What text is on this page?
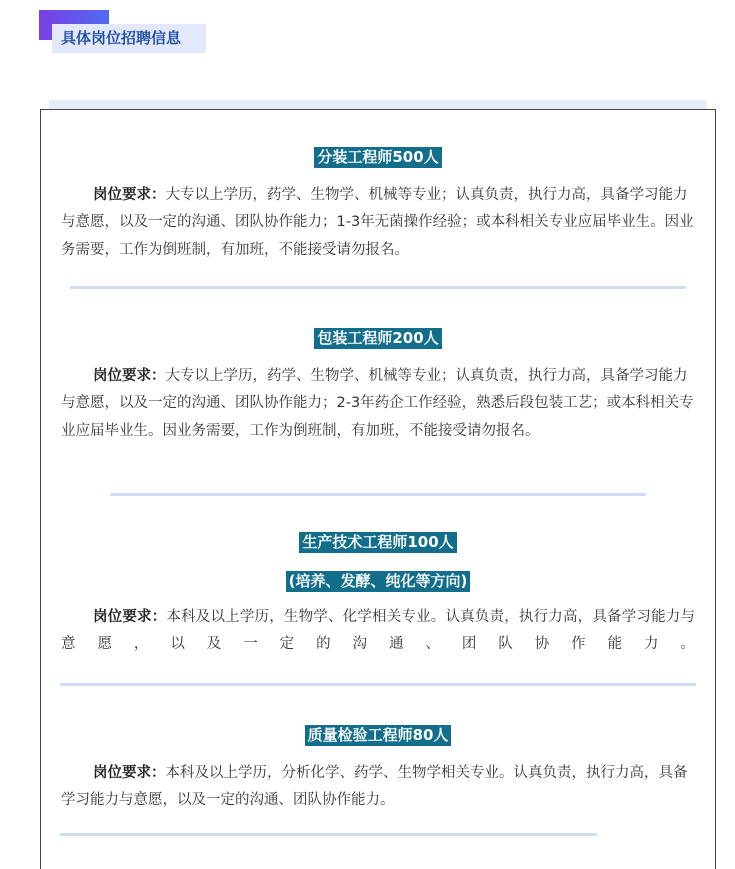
具体岗位招聘信息
分装工程师500人
岗位要求：大专以上学历，药学、生物学、机械等专业；认真负责，执行力高，具备学习能力与意愿，以及一定的沟通、团队协作能力；1-3年无菌操作经验；或本科相关专业应届毕业生。因业务需要，工作为倒班制，有加班，不能接受请勿报名。
包装工程师200人
岗位要求：大专以上学历，药学、生物学、机械等专业；认真负责，执行力高，具备学习能力与意愿，以及一定的沟通、团队协作能力；2-3年药企工作经验，熟悉后段包装工艺；或本科相关专业应届毕业生。因业务需要，工作为倒班制，有加班，不能接受请勿报名。
生产技术工程师100人
(培养、发酵、纯化等方向)
岗位要求：本科及以上学历，生物学、化学相关专业。认真负责，执行力高，具备学习能力与意愿，以及一定的沟通、团队协作能力。
质量检验工程师80人
岗位要求：本科及以上学历，分析化学、药学、生物学相关专业。认真负责，执行力高，具备学习能力与意愿，以及一定的沟通、团队协作能力。
